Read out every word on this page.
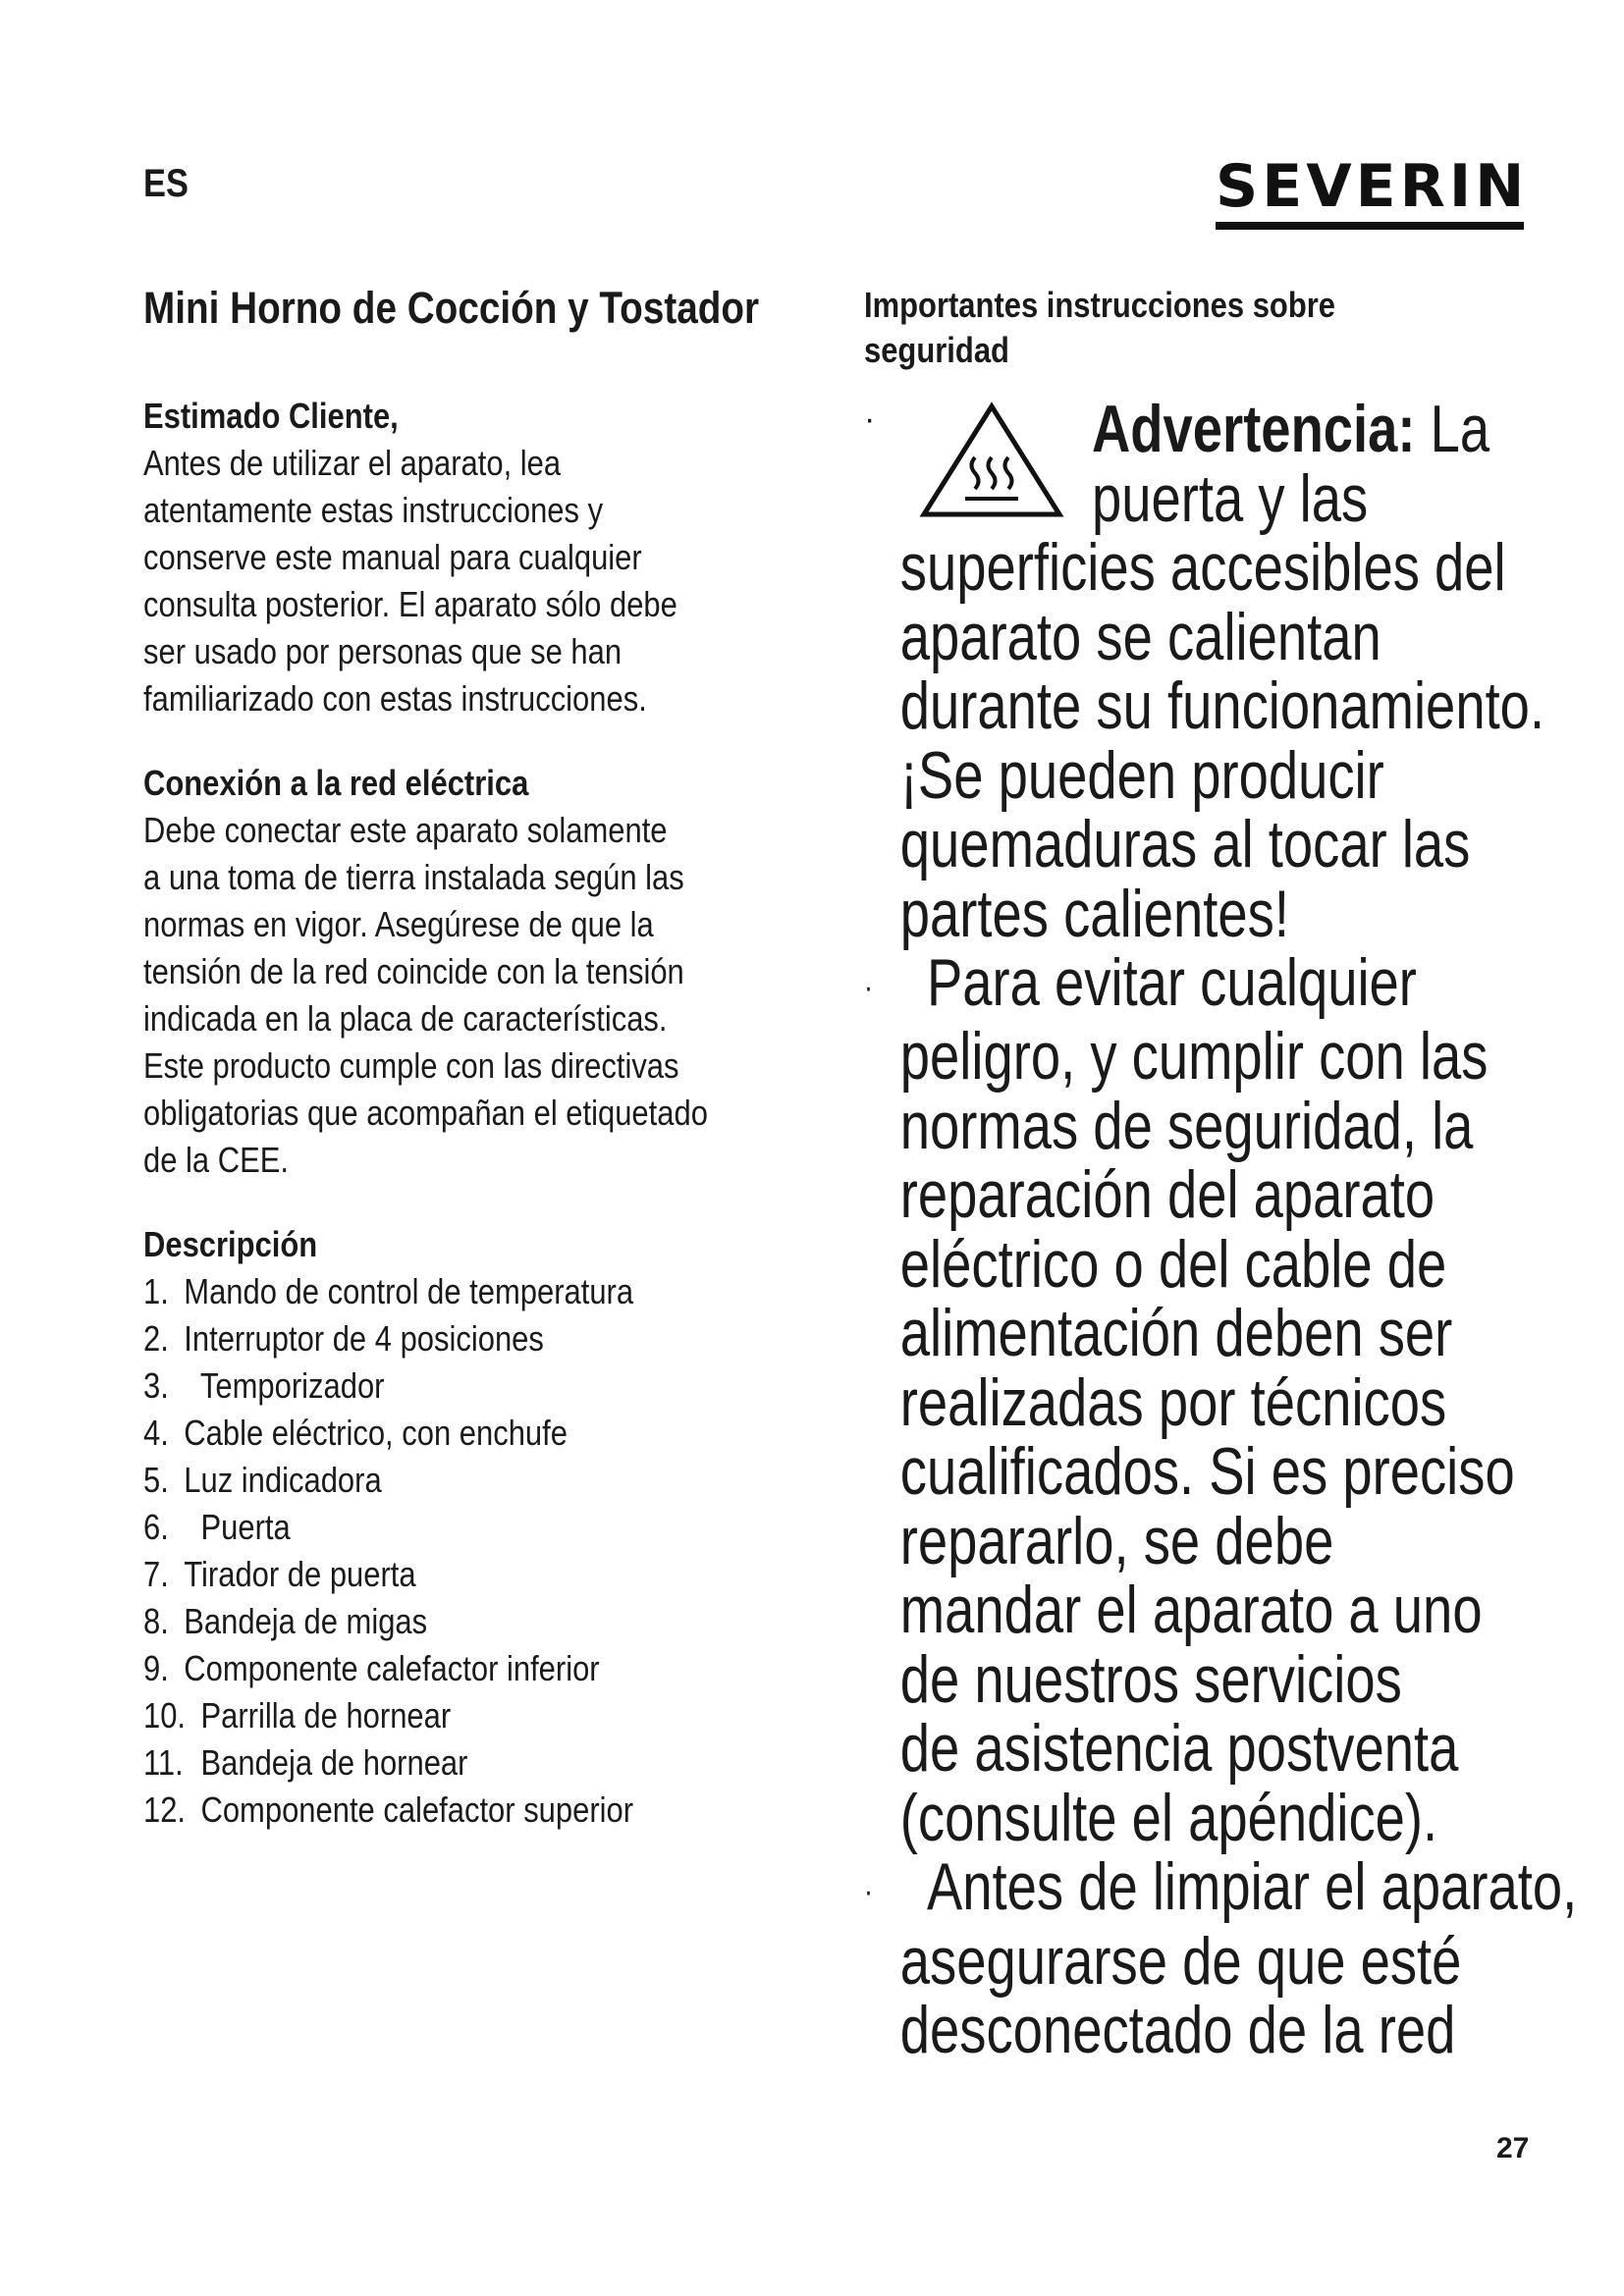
ES	SEVERIN
Mini Horno de Cocción y Tostador
Estimado Cliente,
Antes de utilizar el aparato, lea
atentamente estas instrucciones y
conserve este manual para cualquier
consulta posterior. El aparato sólo debe
ser usado por personas que se han
familiarizado con estas instrucciones.
Conexión a la red eléctrica
Debe conectar este aparato solamente
a una toma de tierra instalada según las
normas en vigor. Asegúrese de que la
tensión de la red coincide con la tensión
indicada en la placa de características.
Este producto cumple con las directivas
obligatorias que acompañan el etiquetado
de la CEE.
Descripción
1. Mando de control de temperatura
2. Interruptor de 4 posiciones
3.  Temporizador
4. Cable eléctrico, con enchufe
5. Luz indicadora
6.  Puerta
7. Tirador de puerta
8. Bandeja de migas
9. Componente calefactor inferior
10. Parrilla de hornear
11. Bandeja de hornear
12. Componente calefactor superior
Importantes instrucciones sobre
seguridad
·	Advertencia: La
puerta y las
superficies accesibles del
aparato se calientan
durante su funcionamiento.
¡Se pueden producir
quemaduras al tocar las
partes calientes!
· Para evitar cualquier
peligro, y cumplir con las
normas de seguridad, la
reparación del aparato
eléctrico o del cable de
alimentación deben ser
realizadas por técnicos
cualificados. Si es preciso
repararlo, se debe
mandar el aparato a uno
de nuestros servicios
de asistencia postventa
(consulte el apéndice).
· Antes de limpiar el aparato,
asegurarse de que esté
desconectado de la red
27
